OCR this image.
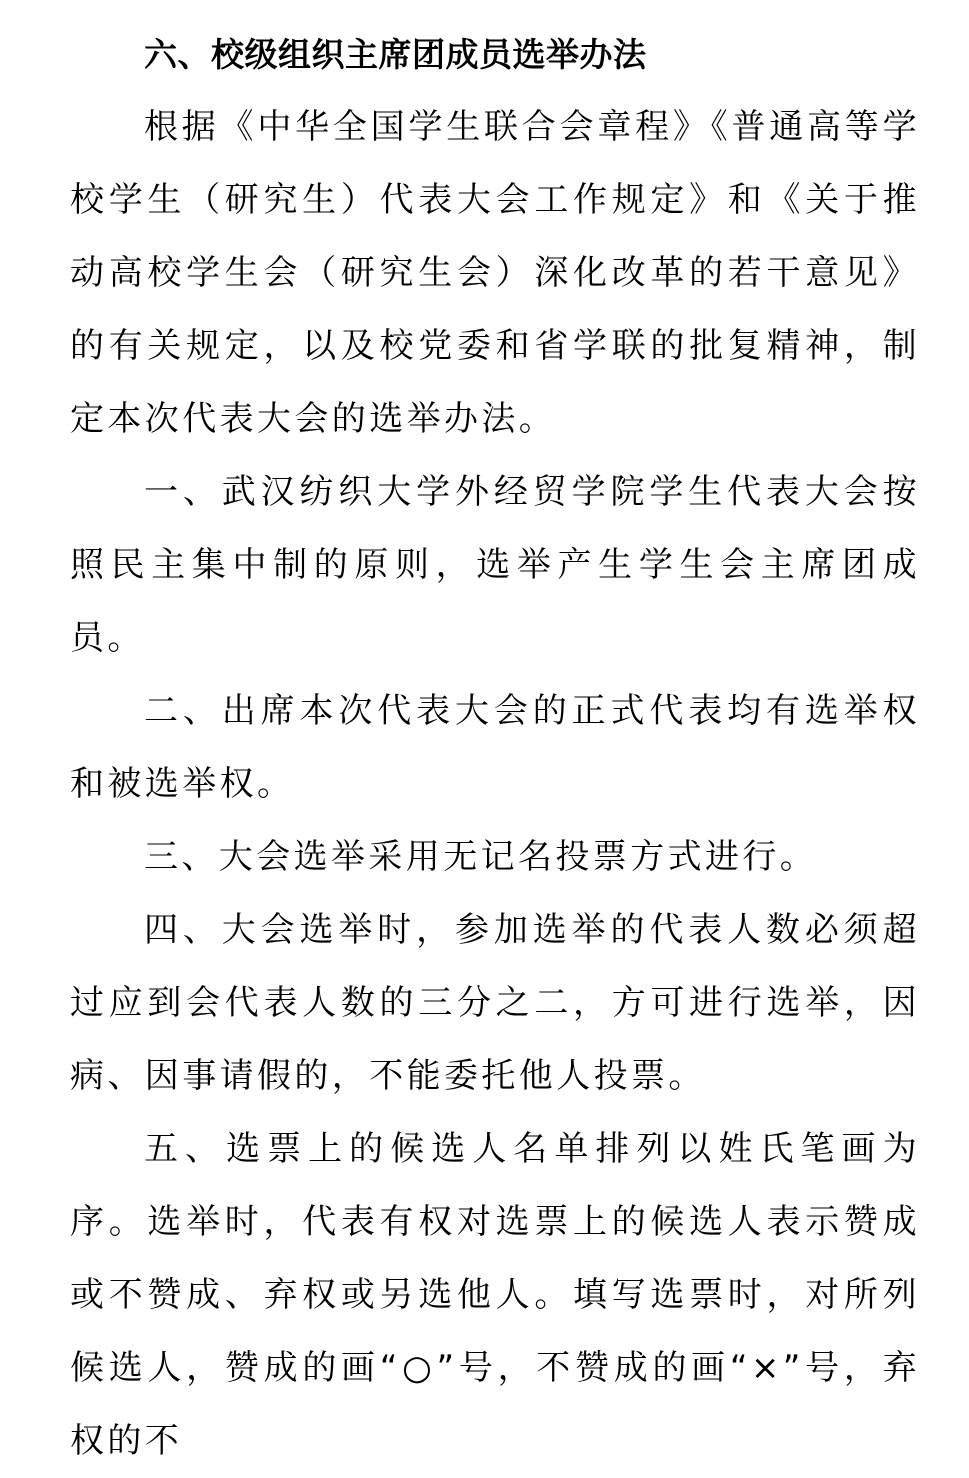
六、校级组织主席团成员选举办法

根据《中华全国学生联合会章程》《普通高等学校学生（研究生）代表大会工作规定》和《关于推动高校学生会（研究生会）深化改革的若干意见》的有关规定，以及校党委和省学联的批复精神，制定本次代表大会的选举办法。

一、武汉纺织大学外经贸学院学生代表大会按照民主集中制的原则，选举产生学生会主席团成员。

二、出席本次代表大会的正式代表均有选举权和被选举权。

三、大会选举采用无记名投票方式进行。

四、大会选举时，参加选举的代表人数必须超过应到会代表人数的三分之二，方可进行选举，因病、因事请假的，不能委托他人投票。

五、选票上的候选人名单排列以姓氏笔画为序。选举时，代表有权对选票上的候选人表示赞成或不赞成、弃权或另选他人。填写选票时，对所列候选人，赞成的画“○”号，不赞成的画“×”号，弃权的不
